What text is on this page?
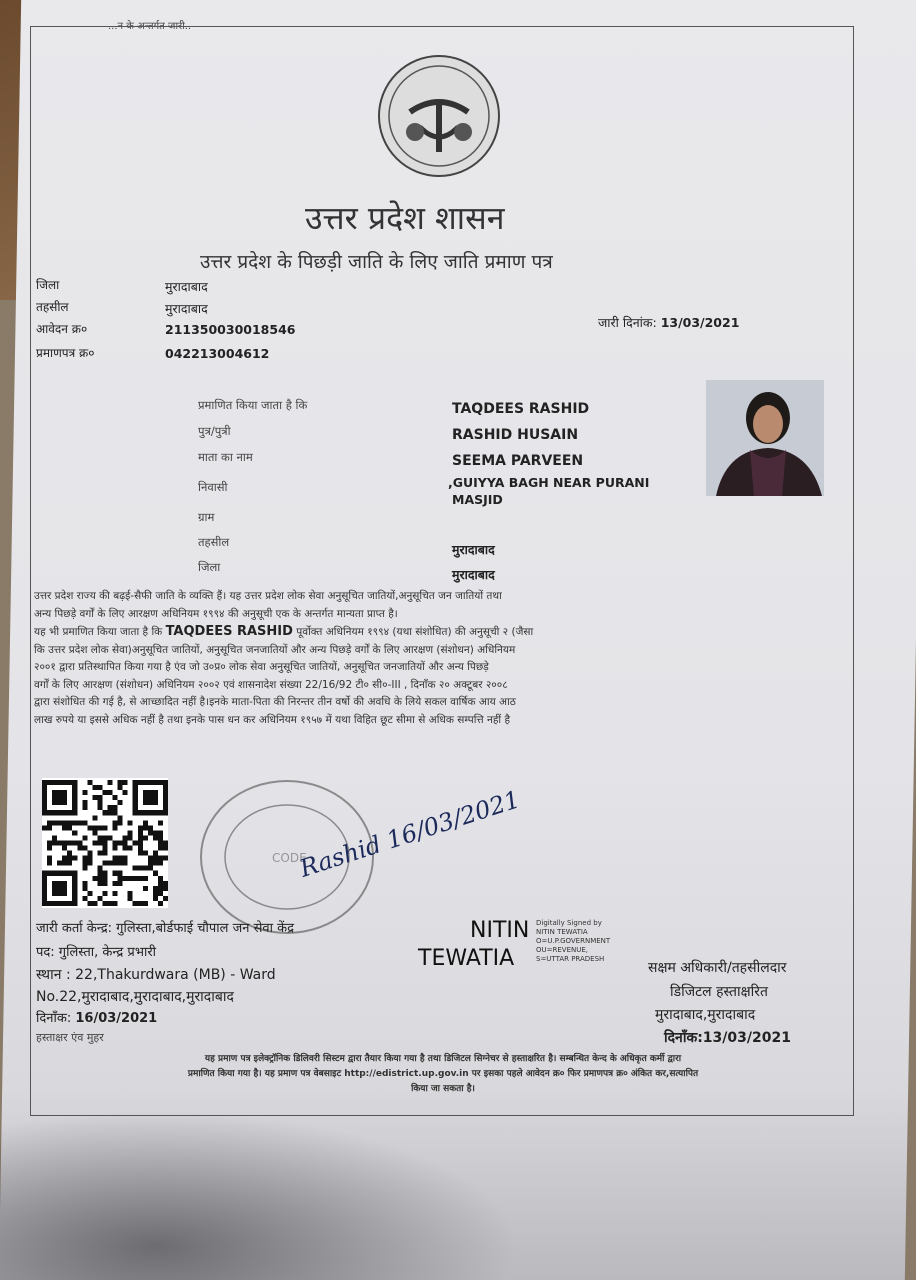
...न के अन्तर्गत जारी..
उत्तर प्रदेश शासन
उत्तर प्रदेश के पिछड़ी जाति के लिए जाति प्रमाण पत्र
जिला	मुरादाबाद
तहसील	मुरादाबाद
आवेदन क्र०	211350030018546
प्रमाणपत्र क्र०	042213004612
जारी दिनांक: 13/03/2021
प्रमाणित किया जाता है कि	TAQDEES RASHID
पुत्र/पुत्री	RASHID HUSAIN
माता का नाम	SEEMA PARVEEN
निवासी	,GUIYYA BAGH NEAR PURANI
MASJID
ग्राम
तहसील	मुरादाबाद
जिला	मुरादाबाद
उत्तर प्रदेश राज्य की बढ़ई-सैफी जाति के व्यक्ति हैं। यह उत्तर प्रदेश लोक सेवा अनुसूचित जातियों,अनुसूचित जन जातियों तथा
अन्य पिछड़े वर्गों के लिए आरक्षण अधिनियम १९९४ की अनुसूची एक के अन्तर्गत मान्यता प्राप्त है।
यह भी प्रमाणित किया जाता है कि TAQDEES RASHID पूर्वोक्त अधिनियम १९९४ (यथा संशोधित) की अनुसूची २ (जैसा
कि उत्तर प्रदेश लोक सेवा)अनुसूचित जातियों, अनुसूचित जनजातियों और अन्य पिछड़े वर्गों के लिए आरक्षण (संशोधन) अधिनियम
२००१ द्वारा प्रतिस्थापित किया गया है एंव जो उ०प्र० लोक सेवा अनुसूचित जातियों, अनुसूचित जनजातियों और अन्य पिछड़े
वर्गों के लिए आरक्षण (संशोधन) अधिनियम २००२ एवं शासनादेश संख्या 22/16/92 टी० सी०-III , दिनाँक २० अक्टूबर २००८
द्वारा संशोधित की गई है, से आच्छादित नहीं है।इनके माता-पिता की निरन्तर तीन वर्षो की अवधि के लिये सकल वार्षिक आय आठ
लाख रुपये या इससे अधिक नहीं है तथा इनके पास धन कर अधिनियम १९५७ में यथा विहित छूट सीमा से अधिक सम्पत्ति नहीं है
CODE
Rashid 16/03/2021
NITIN
TEWATIA
Digitally Signed by
NITIN TEWATIA
O=U.P.GOVERNMENT
OU=REVENUE,
S=UTTAR PRADESH
जारी कर्ता केन्द्र: गुलिस्ता,बोर्डफाई चौपाल जन सेवा केंद्र
पद: गुलिस्ता, केन्द्र प्रभारी
स्थान : 22,Thakurdwara (MB) - Ward
No.22,मुरादाबाद,मुरादाबाद,मुरादाबाद
दिनाँक: 16/03/2021
हस्ताक्षर एंव मुहर
सक्षम अधिकारी/तहसीलदार
डिजिटल हस्ताक्षरित
मुरादाबाद,मुरादाबाद
दिनाँक:13/03/2021
यह प्रमाण पत्र इलेक्ट्रॉनिक डिलिवरी सिस्टम द्वारा तैयार किया गया है तथा डिजिटल सिग्नेचर से हस्ताक्षरित है। सम्बन्धित केन्द के अधिकृत कर्मी द्वारा
प्रमाणित किया गया है। यह प्रमाण पत्र वेबसाइट http://edistrict.up.gov.in पर इसका पहले आवेदन क्र० फिर प्रमाणपत्र क्र० अंकित कर,सत्यापित
किया जा सकता है।
